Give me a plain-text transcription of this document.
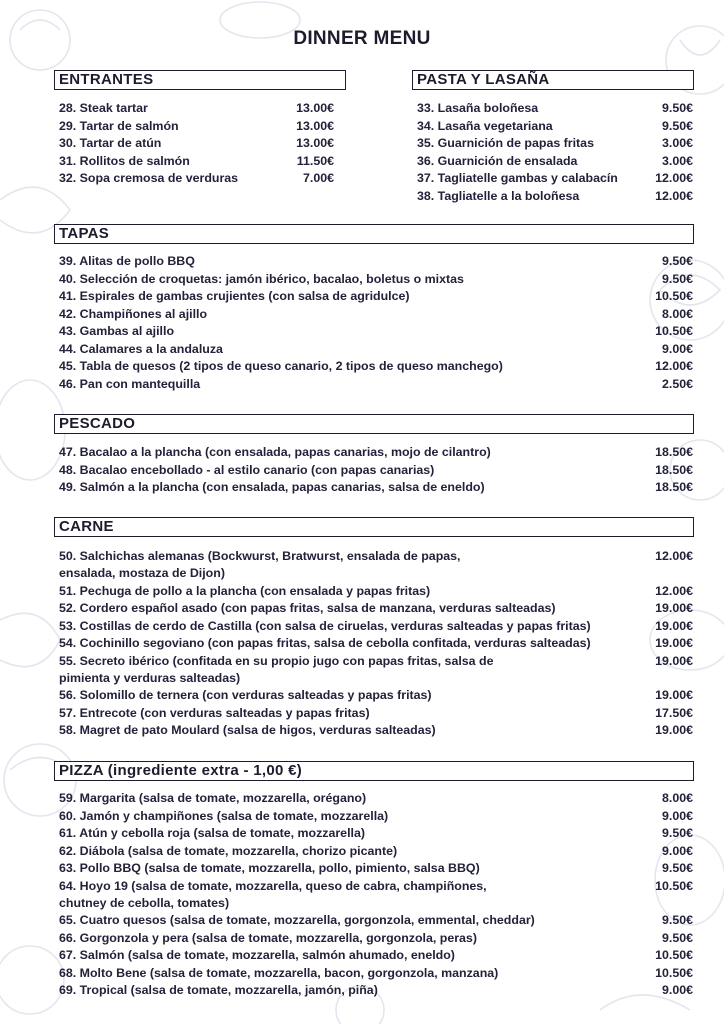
DINNER MENU
ENTRANTES
28. Steak tartar	13.00€
29. Tartar de salmón	13.00€
30. Tartar de atún	13.00€
31. Rollitos de salmón	11.50€
32. Sopa cremosa de verduras	7.00€
PASTA Y LASAÑA
33. Lasaña boloñesa	9.50€
34. Lasaña vegetariana	9.50€
35. Guarnición de papas fritas	3.00€
36. Guarnición de ensalada	3.00€
37. Tagliatelle gambas y calabacín	12.00€
38. Tagliatelle a la boloñesa	12.00€
TAPAS
39. Alitas de pollo BBQ	9.50€
40. Selección de croquetas: jamón ibérico, bacalao, boletus o mixtas	9.50€
41. Espirales de gambas crujientes (con salsa de agridulce)	10.50€
42. Champiñones al ajillo	8.00€
43. Gambas al ajillo	10.50€
44. Calamares a la andaluza	9.00€
45. Tabla de quesos (2 tipos de queso canario, 2 tipos de queso manchego)	12.00€
46. Pan con mantequilla	2.50€
PESCADO
47. Bacalao a la plancha (con ensalada, papas canarias, mojo de cilantro)	18.50€
48. Bacalao encebollado - al estilo canario (con papas canarias)	18.50€
49. Salmón a la plancha (con ensalada, papas canarias, salsa de eneldo)	18.50€
CARNE
50. Salchichas alemanas (Bockwurst, Bratwurst, ensalada de papas, ensalada, mostaza de Dijon)
12.00€
51. Pechuga de pollo a la plancha (con ensalada y papas fritas)	12.00€
52. Cordero español asado (con papas fritas, salsa de manzana, verduras salteadas)	19.00€
53. Costillas de cerdo de Castilla (con salsa de ciruelas, verduras salteadas y papas fritas)	19.00€
54. Cochinillo segoviano (con papas fritas, salsa de cebolla confitada, verduras salteadas)	19.00€
55. Secreto ibérico (confitada en su propio jugo con papas fritas, salsa de pimienta y verduras salteadas)
19.00€
56. Solomillo de ternera (con verduras salteadas y papas fritas)	19.00€
57. Entrecote (con verduras salteadas y papas fritas)	17.50€
58. Magret de pato Moulard (salsa de higos, verduras salteadas)	19.00€
PIZZA (ingrediente extra - 1,00 €)
59. Margarita (salsa de tomate, mozzarella, orégano)	8.00€
60. Jamón y champiñones (salsa de tomate, mozzarella)	9.00€
61. Atún y cebolla roja (salsa de tomate, mozzarella)	9.50€
62. Diábola (salsa de tomate, mozzarella, chorizo picante)	9.00€
63. Pollo BBQ (salsa de tomate, mozzarella, pollo, pimiento, salsa BBQ)	9.50€
64. Hoyo 19 (salsa de tomate, mozzarella, queso de cabra, champiñones, chutney de cebolla, tomates)
10.50€
65. Cuatro quesos (salsa de tomate, mozzarella, gorgonzola, emmental, cheddar)	9.50€
66. Gorgonzola y pera (salsa de tomate, mozzarella, gorgonzola, peras)	9.50€
67. Salmón (salsa de tomate, mozzarella, salmón ahumado, eneldo)	10.50€
68. Molto Bene (salsa de tomate, mozzarella, bacon, gorgonzola, manzana)	10.50€
69. Tropical (salsa de tomate, mozzarella, jamón, piña)	9.00€
